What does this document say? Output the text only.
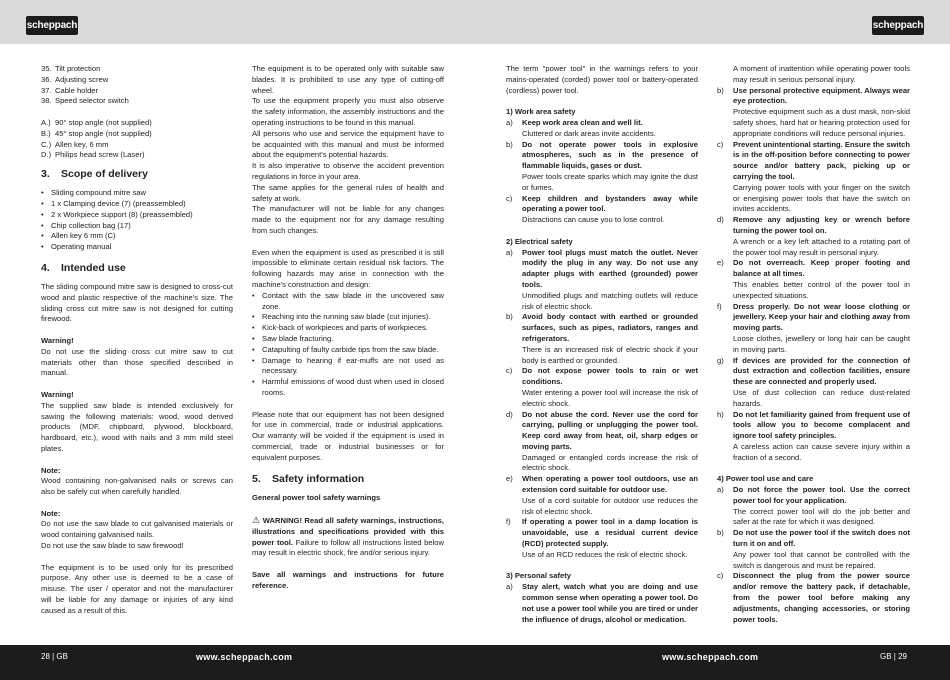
scheppach	scheppach
28 | GB	www.scheppach.com	www.scheppach.com	GB | 29
35. Tilt protection
36. Adjusting screw
37. Cable holder
38. Speed selector switch
A.) 90° stop angle (not supplied)
B.) 45° stop angle (not supplied)
C.) Allen key, 6 mm
D.) Philips head screw (Laser)
3.	Scope of delivery
• Sliding compound mitre saw
• 1 x Clamping device (7) (preassembled)
• 2 x Workpiece support (8) (preassembled)
• Chip collection bag (17)
• Allen key 6 mm (C)
• Operating manual
4.	Intended use

The sliding compound mitre saw is designed to cross-cut wood and plastic respective of the machine's size. The sliding cross cut mitre saw is not designed for cutting firewood.

Warning!

Do not use the sliding cross cut mitre saw to cut materials other than those specified described in manual.

Warning!

The supplied saw blade is intended exclusively for sawing the following materials: wood, wood derived products (MDF, chipboard, plywood, blockboard, hardboard, etc.), wood with nails and 3 mm mild steel plates.

Note:

Wood containing non-galvanised nails or screws can also be safely cut when carefully handled.

Note:

Do not use the saw blade to cut galvanised materials or wood containing galvanised nails.

Do not use the saw blade to saw firewood!

The equipment is to be used only for its prescribed purpose. Any other use is deemed to be a case of misuse. The user / operator and not the manufacturer will be liable for any damage or injuries of any kind caused as a result of this.

The equipment is to be operated only with suitable saw blades. It is prohibited to use any type of cutting-off wheel.

To use the equipment properly you must also observe the safety information, the assembly instructions and the operating instructions to be found in this manual.

All persons who use and service the equipment have to be acquainted with this manual and must be informed about the equipment's potential hazards.

It is also imperative to observe the accident prevention regulations in force in your area.

The same applies for the general rules of health and safety at work.

The manufacturer will not be liable for any changes made to the equipment nor for any damage resulting from such changes.

Even when the equipment is used as prescribed it is still impossible to eliminate certain residual risk factors. The following hazards may arise in connection with the machine's construction and design:

• Contact with the saw blade in the uncovered saw zone.
• Reaching into the running saw blade (cut injuries).
• Kick-back of workpieces and parts of workpieces.
• Saw blade fracturing.
• Catapulting of faulty carbide tips from the saw blade.
• Damage to hearing if ear-muffs are not used as necessary.
• Harmful emissions of wood dust when used in closed rooms.

Please note that our equipment has not been designed for use in commercial, trade or industrial applications. Our warranty will be voided if the equipment is used in commercial, trade or industrial businesses or for equivalent purposes.

5.	Safety information

General power tool safety warnings

⚠ WARNING! Read all safety warnings, instructions, illustrations and specifications provided with this power tool. Failure to follow all instructions listed below may result in electric shock, fire and/or serious injury.

Save all warnings and instructions for future reference.

The term "power tool" in the warnings refers to your mains-operated (corded) power tool or battery-operated (cordless) power tool.

1) Work area safety

a)	Keep work area clean and well lit.
Cluttered or dark areas invite accidents.
b)	Do not operate power tools in explosive atmospheres, such as in the presence of flammable liquids, gases or dust.
Power tools create sparks which may ignite the dust or fumes.
c)	Keep children and bystanders away while operating a power tool.
Distractions can cause you to lose control.

2) Electrical safety

a)	Power tool plugs must match the outlet. Never modify the plug in any way. Do not use any adapter plugs with earthed (grounded) power tools.
Unmodified plugs and matching outlets will reduce risk of electric shock.
b)	Avoid body contact with earthed or grounded surfaces, such as pipes, radiators, ranges and refrigerators.
There is an increased risk of electric shock if your body is earthed or grounded.
c)	Do not expose power tools to rain or wet conditions.
Water entering a power tool will increase the risk of electric shock.
d)	Do not abuse the cord. Never use the cord for carrying, pulling or unplugging the power tool. Keep cord away from heat, oil, sharp edges or moving parts.
Damaged or entangled cords increase the risk of electric shock.
e)	When operating a power tool outdoors, use an extension cord suitable for outdoor use.
Use of a cord suitable for outdoor use reduces the risk of electric shock.
f)	If operating a power tool in a damp location is unavoidable, use a residual current device (RCD) protected supply.
Use of an RCD reduces the risk of electric shock.

3) Personal safety

a)	Stay alert, watch what you are doing and use common sense when operating a power tool. Do not use a power tool while you are tired or under the influence of drugs, alcohol or medication.
A moment of inattention while operating power tools may result in serious personal injury.
b)	Use personal protective equipment. Always wear eye protection.
Protective equipment such as a dust mask, non-skid safety shoes, hard hat or hearing protection used for appropriate conditions will reduce personal injuries.
c)	Prevent unintentional starting. Ensure the switch is in the off-position before connecting to power source and/or battery pack, picking up or carrying the tool.
Carrying power tools with your finger on the switch or energising power tools that have the switch on invites accidents.
d)	Remove any adjusting key or wrench before turning the power tool on.
A wrench or a key left attached to a rotating part of the power tool may result in personal injury.
e)	Do not overreach. Keep proper footing and balance at all times.
This enables better control of the power tool in unexpected situations.
f)	Dress properly. Do not wear loose clothing or jewellery. Keep your hair and clothing away from moving parts.
Loose clothes, jewellery or long hair can be caught in moving parts.
g)	If devices are provided for the connection of dust extraction and collection facilities, ensure these are connected and properly used.
Use of dust collection can reduce dust-related hazards.
h)	Do not let familiarity gained from frequent use of tools allow you to become complacent and ignore tool safety principles.
A careless action can cause severe injury within a fraction of a second.

4) Power tool use and care

a)	Do not force the power tool. Use the correct power tool for your application.
The correct power tool will do the job better and safer at the rate for which it was designed.
b)	Do not use the power tool if the switch does not turn it on and off.
Any power tool that cannot be controlled with the switch is dangerous and must be repaired.
c)	Disconnect the plug from the power source and/or remove the battery pack, if detachable, from the power tool before making any adjustments, changing accessories, or storing power tools.
